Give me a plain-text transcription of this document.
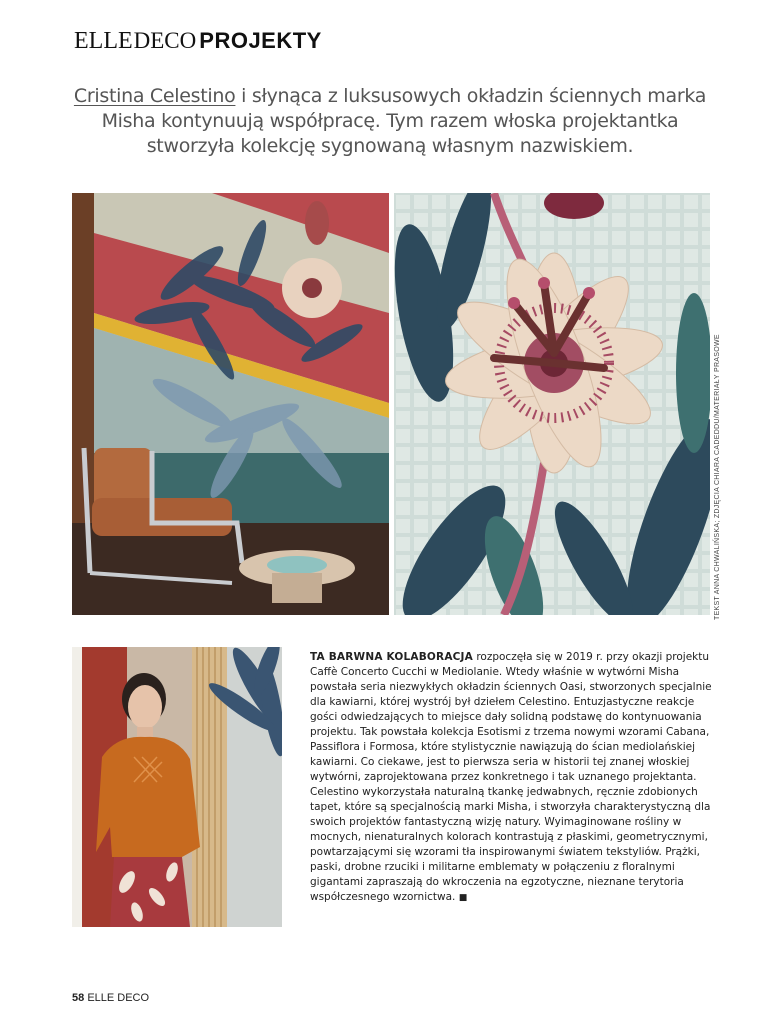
ELLE DECO PROJEKTY
Cristina Celestino i słynąca z luksusowych okładzin ściennych marka Misha kontynuują współpracę. Tym razem włoska projektantka stworzyła kolekcję sygnowaną własnym nazwiskiem.
TEKST ANNA CHWALIŃSKA; ZDJĘCIA CHIARA CADEDDU/MATERIAŁY PRASOWE
TA BARWNA KOLABORACJA rozpoczęła się w 2019 r. przy okazji projektu Caffè Concerto Cucchi w Mediolanie. Wtedy właśnie w wytwórni Misha powstała seria niezwykłych okładzin ściennych Oasi, stworzonych specjalnie dla kawiarni, której wystrój był dziełem Celestino. Entuzjastyczne reakcje gości odwiedzających to miejsce dały solidną podstawę do kontynuowania projektu. Tak powstała kolekcja Esotismi z trzema nowymi wzorami Cabana, Passiflora i Formosa, które stylistycznie nawiązują do ścian mediolańskiej kawiarni. Co ciekawe, jest to pierwsza seria w historii tej znanej włoskiej wytwórni, zaprojektowana przez konkretnego i tak uznanego projektanta. Celestino wykorzystała naturalną tkankę jedwabnych, ręcznie zdobionych tapet, które są specjalnością marki Misha, i stworzyła charakterystyczną dla swoich projektów fantastyczną wizję natury. Wyimaginowane rośliny w mocnych, nienaturalnych kolorach kontrastują z płaskimi, geometrycznymi, powtarzającymi się wzorami tła inspirowanymi światem tekstyliów. Prążki, paski, drobne rzuciki i militarne emblematy w połączeniu z floralnymi gigantami zapraszają do wkroczenia na egzotyczne, nieznane terytoria współczesnego wzornictwa. ■
58 ELLE DECO
